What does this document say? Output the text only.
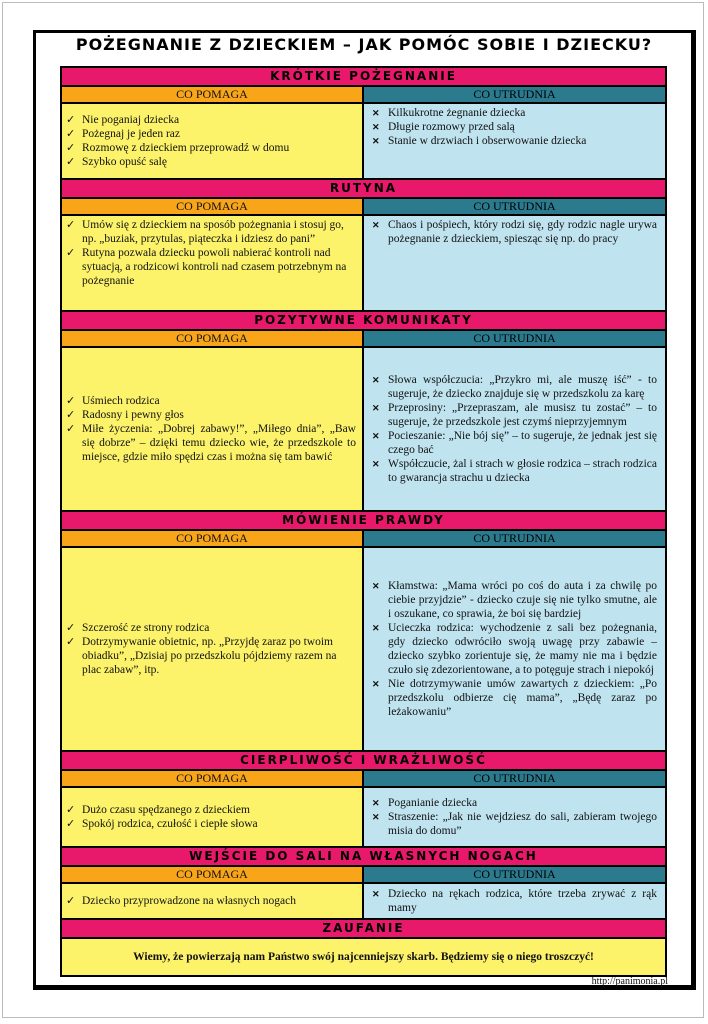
POŻEGNANIE Z DZIECKIEM – JAK POMÓC SOBIE I DZIECKU?
KRÓTKIE POŻEGNANIE
CO POMAGA	CO UTRUDNIA
✓ Nie poganiaj dziecka
✓ Pożegnaj je jeden raz
✓ Rozmowę z dzieckiem przeprowadź w domu
✓ Szybko opuść salę
✕ Kilkukrotne żegnanie dziecka
✕ Długie rozmowy przed salą
✕ Stanie w drzwiach i obserwowanie dziecka
RUTYNA
CO POMAGA	CO UTRUDNIA
✓ Umów się z dzieckiem na sposób pożegnania i stosuj go, np. „buziak, przytulas, piąteczka i idziesz do pani”
✓ Rutyna pozwala dziecku powoli nabierać kontroli nad sytuacją, a rodzicowi kontroli nad czasem potrzebnym na pożegnanie
✕ Chaos i pośpiech, który rodzi się, gdy rodzic nagle urywa pożegnanie z dzieckiem, spiesząc się np. do pracy
POZYTYWNE KOMUNIKATY
CO POMAGA	CO UTRUDNIA
✓ Uśmiech rodzica
✓ Radosny i pewny głos
✓ Miłe życzenia: „Dobrej zabawy!”, „Miłego dnia”, „Baw się dobrze” – dzięki temu dziecko wie, że przedszkole to miejsce, gdzie miło spędzi czas i można się tam bawić
✕ Słowa współczucia: „Przykro mi, ale muszę iść” - to sugeruje, że dziecko znajduje się w przedszkolu za karę
✕ Przeprosiny: „Przepraszam, ale musisz tu zostać” – to sugeruje, że przedszkole jest czymś nieprzyjemnym
✕ Pocieszanie: „Nie bój się” – to sugeruje, że jednak jest się czego bać
✕ Współczucie, żal i strach w głosie rodzica – strach rodzica to gwarancja strachu u dziecka
MÓWIENIE PRAWDY
CO POMAGA	CO UTRUDNIA
✓ Szczerość ze strony rodzica
✓ Dotrzymywanie obietnic, np. „Przyjdę zaraz po twoim obiadku”, „Dzisiaj po przedszkolu pójdziemy razem na plac zabaw”, itp.
✕ Kłamstwa: „Mama wróci po coś do auta i za chwilę po ciebie przyjdzie” - dziecko czuje się nie tylko smutne, ale i oszukane, co sprawia, że boi się bardziej
✕ Ucieczka rodzica: wychodzenie z sali bez pożegnania, gdy dziecko odwróciło swoją uwagę przy zabawie – dziecko szybko zorientuje się, że mamy nie ma i będzie czuło się zdezorientowane, a to potęguje strach i niepokój
✕ Nie dotrzymywanie umów zawartych z dzieckiem: „Po przedszkolu odbierze cię mama”, „Będę zaraz po leżakowaniu”
CIERPLIWOŚĆ I WRAŻLIWOŚĆ
CO POMAGA	CO UTRUDNIA
✓ Dużo czasu spędzanego z dzieckiem
✓ Spokój rodzica, czułość i ciepłe słowa
✕ Poganianie dziecka
✕ Straszenie: „Jak nie wejdziesz do sali, zabieram twojego misia do domu”
WEJŚCIE DO SALI NA WŁASNYCH NOGACH
CO POMAGA	CO UTRUDNIA
✓ Dziecko przyprowadzone na własnych nogach
✕ Dziecko na rękach rodzica, które trzeba zrywać z rąk mamy
ZAUFANIE
Wiemy, że powierzają nam Państwo swój najcenniejszy skarb. Będziemy się o niego troszczyć!
http://panimonia.pl
